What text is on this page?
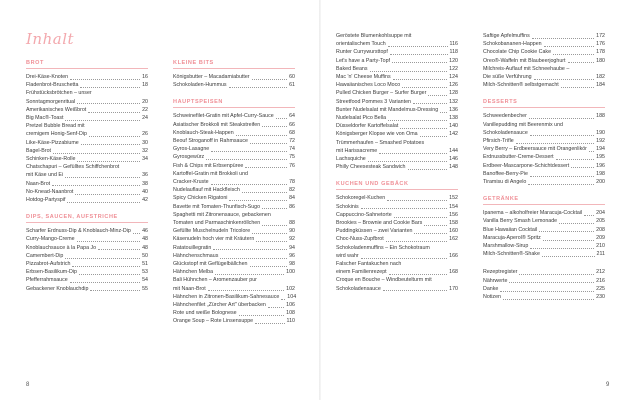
Inhalt
BROT
Drei-Käse-Knoten	16
Fladenbrot-Bruschetta	18
Frühstücksbrötchen – unser
Sonntagmorgenritual	20
Amerikanisches Weißbrot	22
Big Mac®-Toast	24
Pretzel Bubble Bread mit
cremigem Honig-Senf-Dip	26
Like-Käse-Pizzabiume	30
Bagel-Brot	32
Schinken-Käse-Rolle	34
Chatschapuri – Gefülltes Schiffchenbrot
mit Käse und Ei	36
Naan-Brot	38
No-Knead-Naanbrot	40
Hotdog-Partyspif	42
DIPS, SAUCEN, AUFSTRICHE
Scharfer Erdnuss-Dip & Knoblauch-Minz-Dip 46
Curry-Mango-Creme	48
Knoblauchsauce à la Papa Jo	48
Camembert-Dip	50
Pizzabrot-Aufstrich	51
Erbsen-Basilikum-Dip	53
Pfefferrahmsauce	54
Gebackener Knoblauchdip	55
KLEINE BITS
Königsbutter – Macadamiabutter	60
Schokoladen-Hummus	61
HAUPTSPEISEN
Schweinefilet-Gratin mit Apfel-Curry-Sauce	64
Asiatischer Brokkoli mit Steakstreifen	66
Knoblauch-Steak-Happen	68
Beouf Stroganoff in Rahmsauce	72
Gyros-Lasagne	74
Gyrosgewürz	75
Fish & Chips mit Erbsenpüree	76
Kartoffel-Gratin mit Brokkoli und
Cracker-Kruste	78
Nudelauflauf mit Hackfleisch	82
Spicy Chicken Rigatoni	84
Bavette mit Tomaten-Thunfisch-Sugo	86
Spaghetti mit Zitronensauce, gebackenen
Tomaten und Parmaschinkenröllchen	88
Gefüllte Muschelnudeln Tricolore	90
Käsenudeln hoch vier mit Kräutern	92
Ratatouillegratin	94
Hähnchenschmaus	96
Glückstopf mit Geflügelbällchen	98
Hähnchen Melba	100
Bali Hühnchen – Aromenzauber pur
mit Naan-Brot	102
Hähnchen in Zitronen-Basilikum-Sahnesauce 104
Hähnchenfilet „Zürcher Art" überbacken	106
Rote und weiße Bolognese	108
Orange Soup – Rote Linsensuppe	110
Geröstete Blumenkohlsuppe mit
orientalischem Touch	116
Runter Currywursttopf	118
Let's have a Party-Topf	120
Baked Beans	122
Mac 'n' Cheese Muffins	124
Hawaiianisches Loco Moco	126
Pulled Chicken Burger – Surfer Burger	128
Streetfood Pommes 3 Varianten	132
Bunter Nudelsalat mit Mandelmus-Dressing 136
Nudelsalat Pico Bella	138
Düsseldorfer Kartoffelsalat	140
Königsberger Klopse wie von Oma	142
Trümmerhaufen – Smashed Potatoes
mit Harissacreme	144
Lachsquiche	146
Philly Cheesesteak Sandwich	148
KUCHEN UND GEBÄCK
Schokoregel-Kuchen	152
Schokinis	154
Cappuccino-Sahnetorte	156
Brookies – Brownie and Cookie Bars	158
Puddingküssen – zwei Varianten	160
Choc-Nuss-Zupfbrot	162
Schokoladenmuffins – Ein Schokotraum
wird wahr	166
Falscher Fantakuchen nach
einem Familienrezept	168
Croque en Bouche – Windbeutelturm mit
Schokoladensauce	170
Saftige Apfelmuffins	172
Schokobananen-Happen	176
Chocolate Chip Cookie Cake	178
Oreo®-Waffeln mit Blaubeerjoghurt	180
Milchreis-Auflauf mit Schneehaube –
Die süße Verführung	182
Milch-Schnitten® selbstgemacht	184
DESSERTS
Schweedenbecher	188
Vanillepudding mit Beerenmix und
Schokoladensauce	190
Pfirsich-Trifle	192
Very Berry – Erdbeersauce mit Orangenlikör 194
Erdnussbutter-Creme-Dessert	195
Erdbeer-Mascarpone-Schichtdessert	196
Banoffee-Berry-Pie	198
Tiramisu di Angelo	200
GETRÄNKE
Ipanema – alkoholfreier Maracuja-Cocktail	204
Vanilla Berry Smash Lemonade	205
Blue Hawaiian Cocktail	208
Maracuja-Aperol® Spritz	209
Marshmallow-Sirup	210
Milch-Schnitten®-Shake	211
Rezeptregister	212
Nährwerte	216
Danke	225
Notizen	230
8	9
